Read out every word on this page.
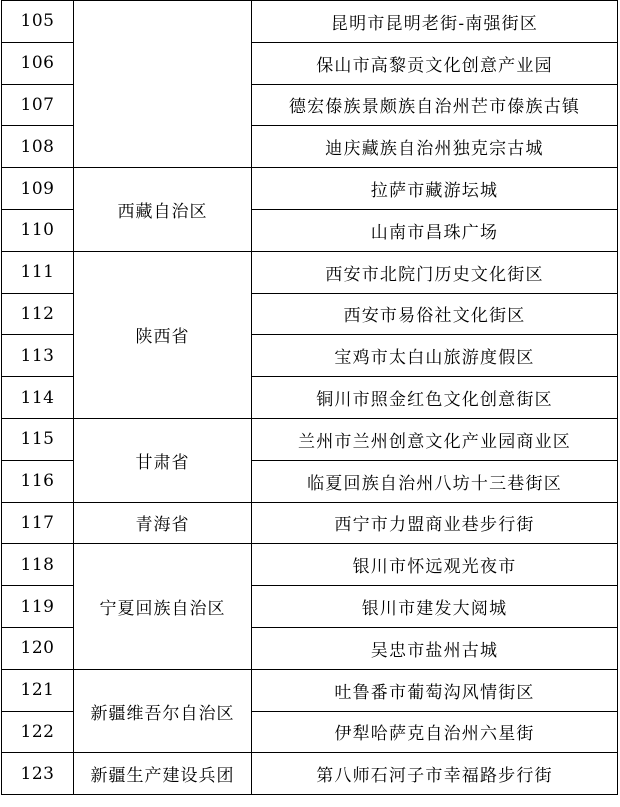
105		昆明市昆明老街-南强街区
106		保山市高黎贡文化创意产业园
107		德宏傣族景颇族自治州芒市傣族古镇
108		迪庆藏族自治州独克宗古城
109	西藏自治区	拉萨市藏游坛城
110		山南市昌珠广场
111	陕西省	西安市北院门历史文化街区
112		西安市易俗社文化街区
113		宝鸡市太白山旅游度假区
114		铜川市照金红色文化创意街区
115	甘肃省	兰州市兰州创意文化产业园商业区
116		临夏回族自治州八坊十三巷街区
117	青海省	西宁市力盟商业巷步行街
118	宁夏回族自治区	银川市怀远观光夜市
119		银川市建发大阅城
120		吴忠市盐州古城
121	新疆维吾尔自治区	吐鲁番市葡萄沟风情街区
122		伊犁哈萨克自治州六星街
123	新疆生产建设兵团	第八师石河子市幸福路步行街
